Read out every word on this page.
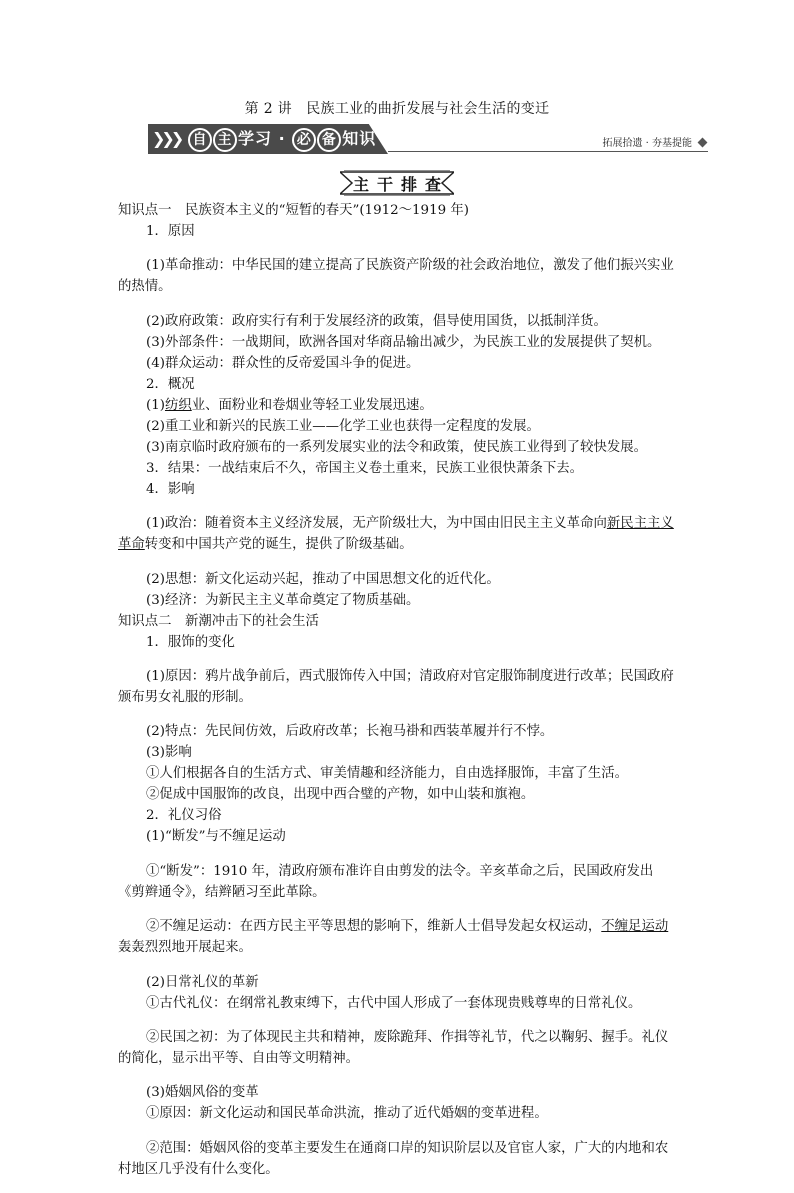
第 2 讲　民族工业的曲折发展与社会生活的变迁
❯❯❯ 自 主 学习 · 必 备 知识	拓展拾遗 · 夯基提能
主干排查

知识点一　民族资本主义的“短暂的春天”(1912～1919 年)

1．原因

(1)革命推动：中华民国的建立提高了民族资产阶级的社会政治地位，激发了他们振兴实业的热情。

(2)政府政策：政府实行有利于发展经济的政策，倡导使用国货，以抵制洋货。

(3)外部条件：一战期间，欧洲各国对华商品输出减少，为民族工业的发展提供了契机。

(4)群众运动：群众性的反帝爱国斗争的促进。

2．概况

(1)纺织业、面粉业和卷烟业等轻工业发展迅速。

(2)重工业和新兴的民族工业——化学工业也获得一定程度的发展。

(3)南京临时政府颁布的一系列发展实业的法令和政策，使民族工业得到了较快发展。

3．结果：一战结束后不久，帝国主义卷土重来，民族工业很快萧条下去。

4．影响

(1)政治：随着资本主义经济发展，无产阶级壮大，为中国由旧民主主义革命向新民主主义革命转变和中国共产党的诞生，提供了阶级基础。

(2)思想：新文化运动兴起，推动了中国思想文化的近代化。

(3)经济：为新民主主义革命奠定了物质基础。

知识点二　新潮冲击下的社会生活

1．服饰的变化

(1)原因：鸦片战争前后，西式服饰传入中国；清政府对官定服饰制度进行改革；民国政府颁布男女礼服的形制。

(2)特点：先民间仿效，后政府改革；长袍马褂和西装革履并行不悖。

(3)影响

①人们根据各自的生活方式、审美情趣和经济能力，自由选择服饰，丰富了生活。

②促成中国服饰的改良，出现中西合璧的产物，如中山装和旗袍。

2．礼仪习俗

(1)“断发”与不缠足运动

①“断发”：1910 年，清政府颁布准许自由剪发的法令。辛亥革命之后，民国政府发出《剪辫通令》，结辫陋习至此革除。

②不缠足运动：在西方民主平等思想的影响下，维新人士倡导发起女权运动，不缠足运动轰轰烈烈地开展起来。

(2)日常礼仪的革新

①古代礼仪：在纲常礼教束缚下，古代中国人形成了一套体现贵贱尊卑的日常礼仪。

②民国之初：为了体现民主共和精神，废除跪拜、作揖等礼节，代之以鞠躬、握手。礼仪的简化，显示出平等、自由等文明精神。

(3)婚姻风俗的变革

①原因：新文化运动和国民革命洪流，推动了近代婚姻的变革进程。

②范围：婚姻风俗的变革主要发生在通商口岸的知识阶层以及官宦人家，广大的内地和农村地区几乎没有什么变化。
